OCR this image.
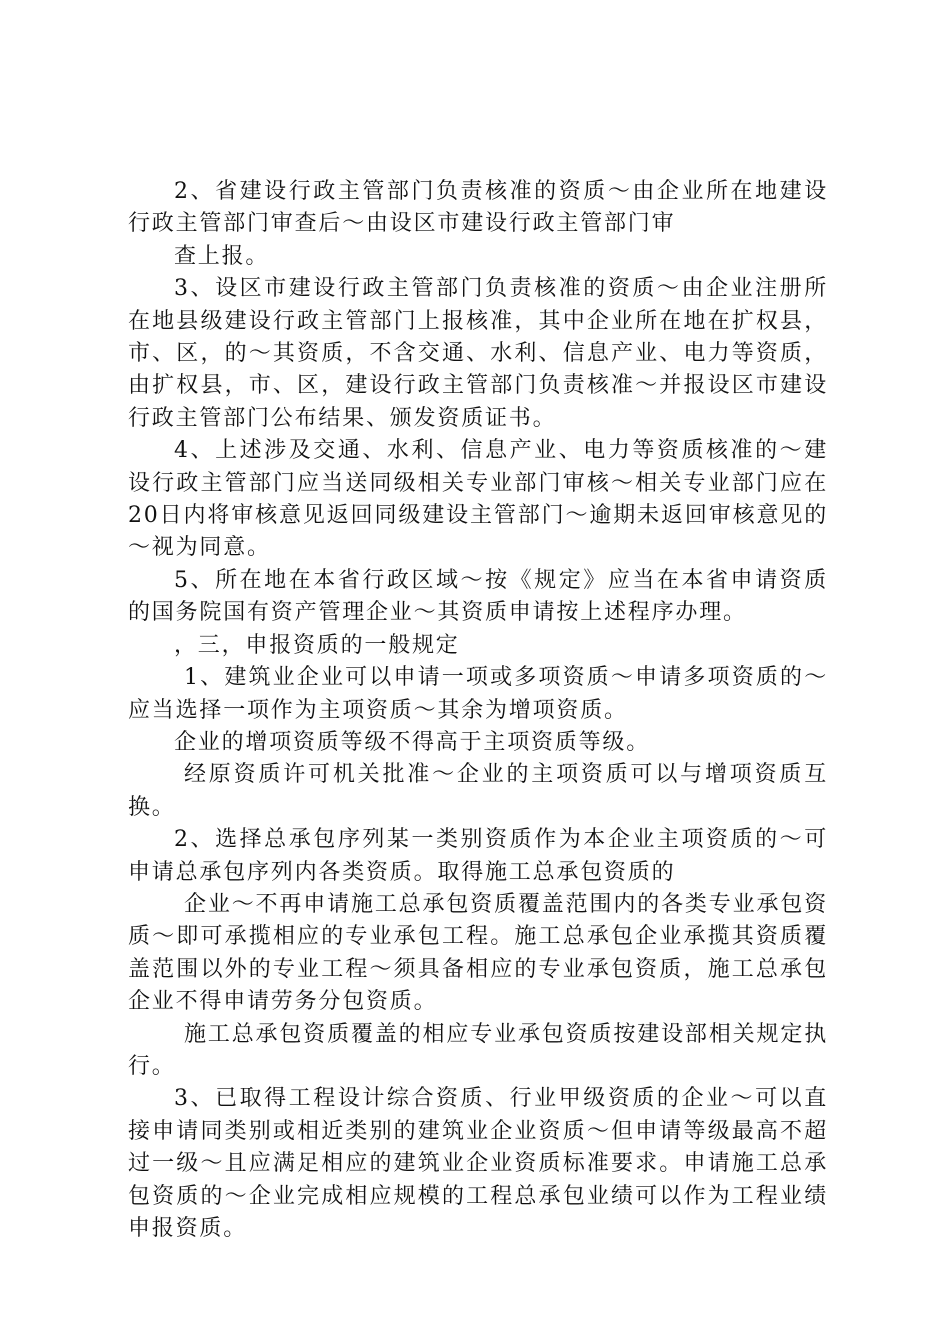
2、省建设行政主管部门负责核准的资质～由企业所在地建设行政主管部门审查后～由设区市建设行政主管部门审

查上报。

3、设区市建设行政主管部门负责核准的资质～由企业注册所在地县级建设行政主管部门上报核准，其中企业所在地在扩权县，市、区，的～其资质，不含交通、水利、信息产业、电力等资质，由扩权县，市、区，建设行政主管部门负责核准～并报设区市建设行政主管部门公布结果、颁发资质证书。

4、上述涉及交通、水利、信息产业、电力等资质核准的～建设行政主管部门应当送同级相关专业部门审核～相关专业部门应在20日内将审核意见返回同级建设主管部门～逾期未返回审核意见的～视为同意。

5、所在地在本省行政区域～按《规定》应当在本省申请资质的国务院国有资产管理企业～其资质申请按上述程序办理。

，三，申报资质的一般规定

1、建筑业企业可以申请一项或多项资质～申请多项资质的～应当选择一项作为主项资质～其余为增项资质。

企业的增项资质等级不得高于主项资质等级。

经原资质许可机关批准～企业的主项资质可以与增项资质互换。

2、选择总承包序列某一类别资质作为本企业主项资质的～可申请总承包序列内各类资质。取得施工总承包资质的

企业～不再申请施工总承包资质覆盖范围内的各类专业承包资质～即可承揽相应的专业承包工程。施工总承包企业承揽其资质覆盖范围以外的专业工程～须具备相应的专业承包资质，施工总承包企业不得申请劳务分包资质。

施工总承包资质覆盖的相应专业承包资质按建设部相关规定执行。

3、已取得工程设计综合资质、行业甲级资质的企业～可以直接申请同类别或相近类别的建筑业企业资质～但申请等级最高不超过一级～且应满足相应的建筑业企业资质标准要求。申请施工总承包资质的～企业完成相应规模的工程总承包业绩可以作为工程业绩申报资质。
